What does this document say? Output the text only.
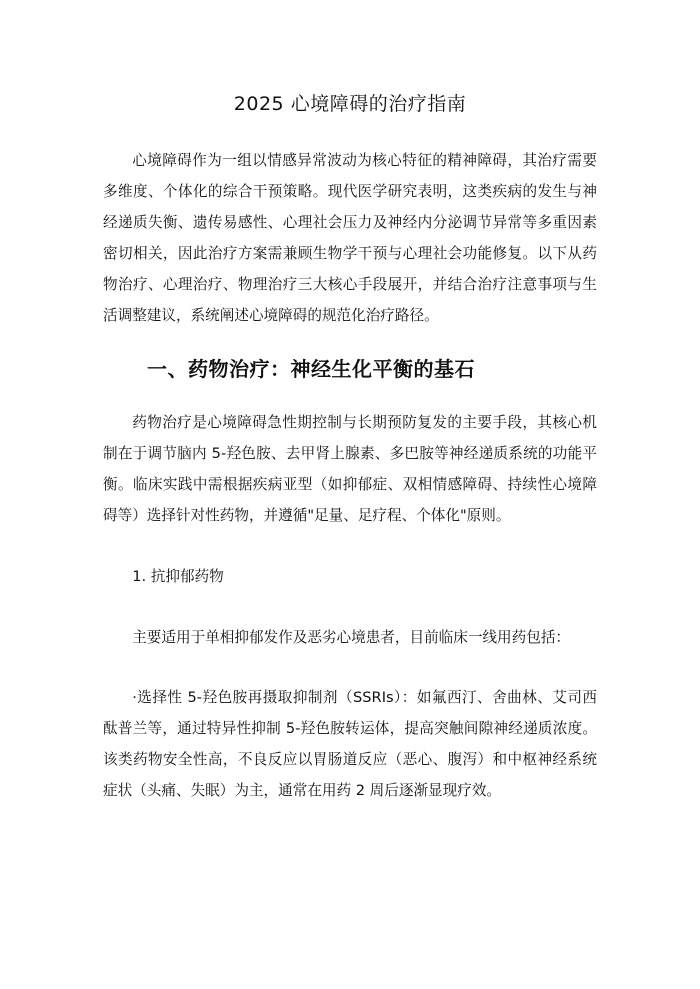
2025 心境障碍的治疗指南

心境障碍作为一组以情感异常波动为核心特征的精神障碍，其治疗需要多维度、个体化的综合干预策略。现代医学研究表明，这类疾病的发生与神经递质失衡、遗传易感性、心理社会压力及神经内分泌调节异常等多重因素密切相关，因此治疗方案需兼顾生物学干预与心理社会功能修复。以下从药物治疗、心理治疗、物理治疗三大核心手段展开，并结合治疗注意事项与生活调整建议，系统阐述心境障碍的规范化治疗路径。

一、药物治疗：神经生化平衡的基石

药物治疗是心境障碍急性期控制与长期预防复发的主要手段，其核心机制在于调节脑内 5-羟色胺、去甲肾上腺素、多巴胺等神经递质系统的功能平衡。临床实践中需根据疾病亚型（如抑郁症、双相情感障碍、持续性心境障碍等）选择针对性药物，并遵循"足量、足疗程、个体化"原则。

1. 抗抑郁药物

主要适用于单相抑郁发作及恶劣心境患者，目前临床一线用药包括：

·选择性 5-羟色胺再摄取抑制剂（SSRIs）：如氟西汀、舍曲林、艾司西酞普兰等，通过特异性抑制 5-羟色胺转运体，提高突触间隙神经递质浓度。该类药物安全性高，不良反应以胃肠道反应（恶心、腹泻）和中枢神经系统症状（头痛、失眠）为主，通常在用药 2 周后逐渐显现疗效。
